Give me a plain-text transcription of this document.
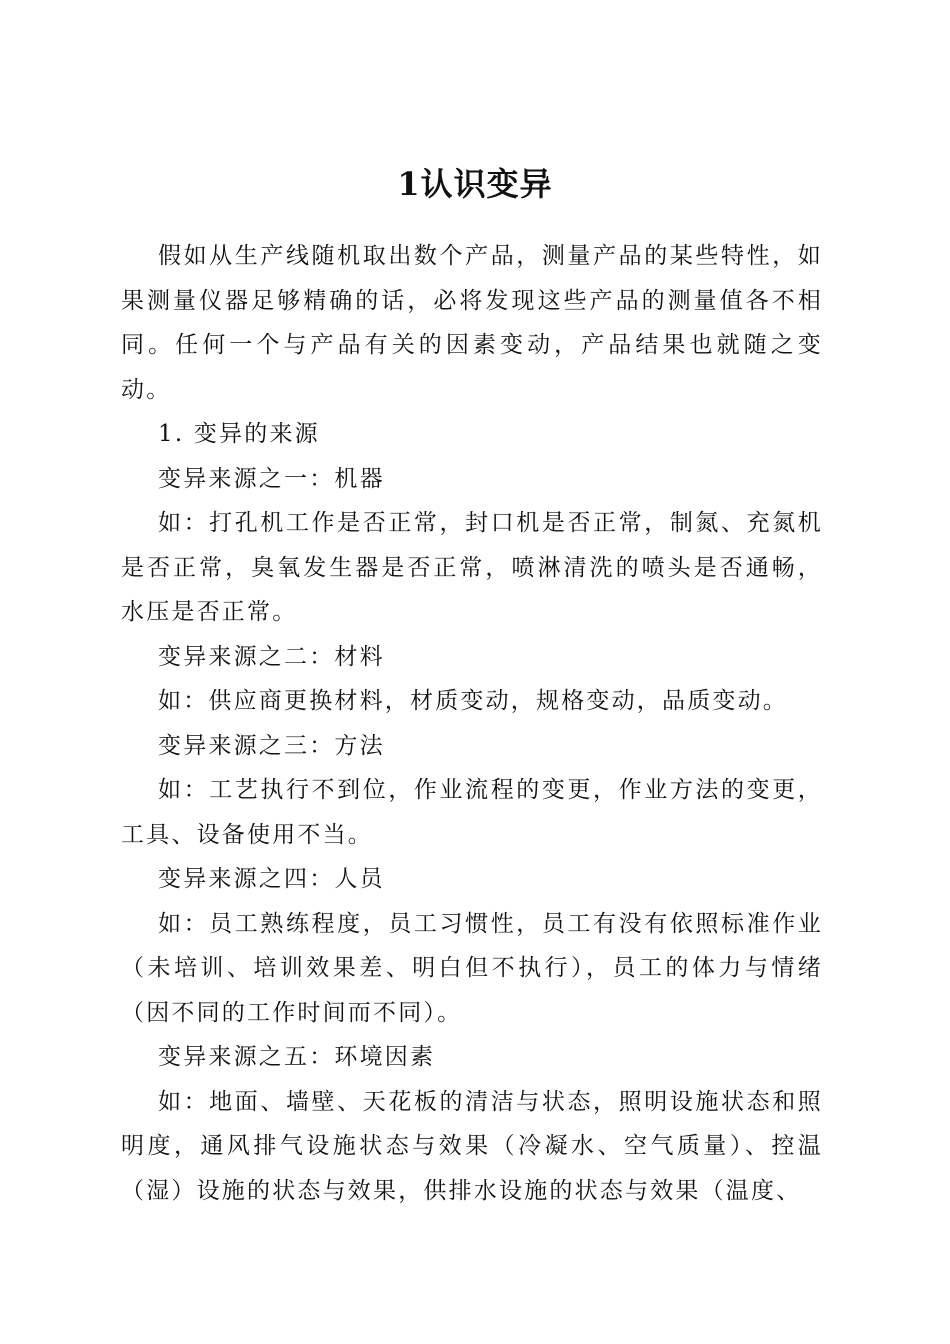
1认识变异

假如从生产线随机取出数个产品，测量产品的某些特性，如果测量仪器足够精确的话，必将发现这些产品的测量值各不相同。任何一个与产品有关的因素变动，产品结果也就随之变动。

1. 变异的来源

变异来源之一：机器

如：打孔机工作是否正常，封口机是否正常，制氮、充氮机是否正常，臭氧发生器是否正常，喷淋清洗的喷头是否通畅，水压是否正常。

变异来源之二：材料

如：供应商更换材料，材质变动，规格变动，品质变动。

变异来源之三：方法

如：工艺执行不到位，作业流程的变更，作业方法的变更，工具、设备使用不当。

变异来源之四：人员

如：员工熟练程度，员工习惯性，员工有没有依照标准作业（未培训、培训效果差、明白但不执行），员工的体力与情绪（因不同的工作时间而不同）。

变异来源之五：环境因素

如：地面、墙壁、天花板的清洁与状态，照明设施状态和照明度，通风排气设施状态与效果（冷凝水、空气质量）、控温（湿）设施的状态与效果，供排水设施的状态与效果（温度、
